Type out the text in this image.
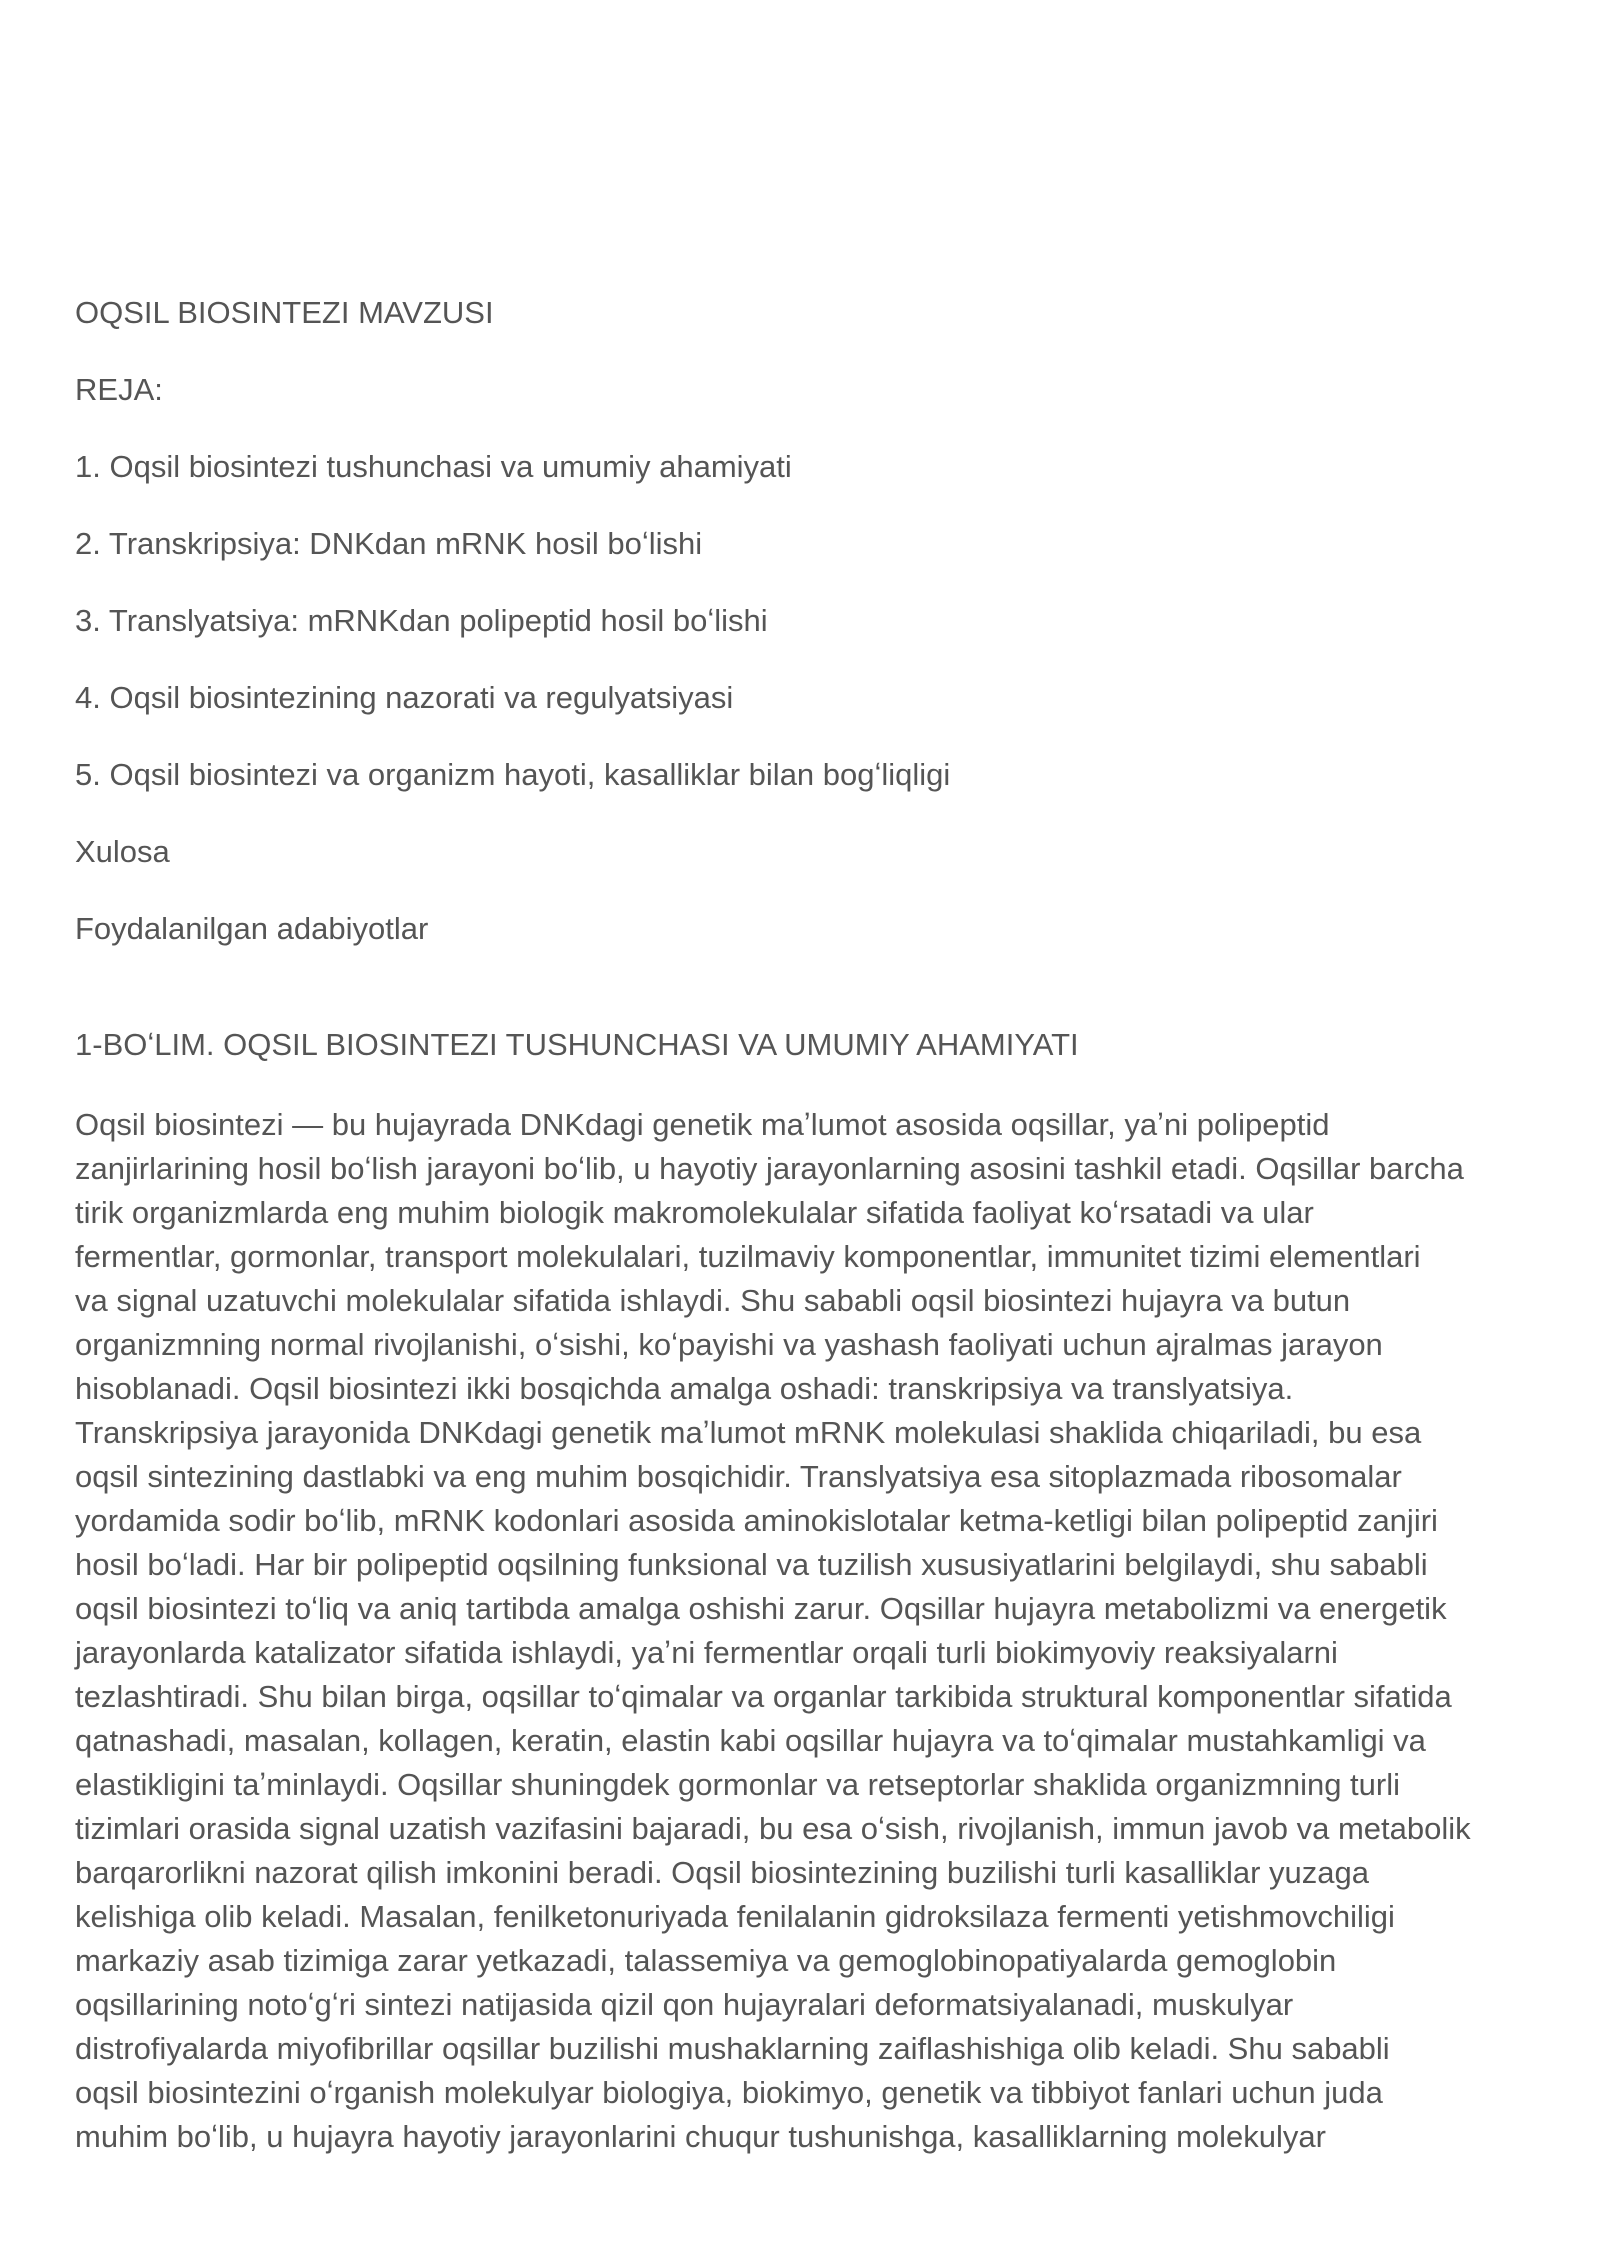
OQSIL BIOSINTEZI MAVZUSI
REJA:
1. Oqsil biosintezi tushunchasi va umumiy ahamiyati
2. Transkripsiya: DNKdan mRNK hosil boʻlishi
3. Translyatsiya: mRNKdan polipeptid hosil boʻlishi
4. Oqsil biosintezining nazorati va regulyatsiyasi
5. Oqsil biosintezi va organizm hayoti, kasalliklar bilan bogʻliqligi
Xulosa
Foydalanilgan adabiyotlar
1-BOʻLIM. OQSIL BIOSINTEZI TUSHUNCHASI VA UMUMIY AHAMIYATI

Oqsil biosintezi — bu hujayrada DNKdagi genetik maʼlumot asosida oqsillar, yaʼni polipeptid
zanjirlarining hosil boʻlish jarayoni boʻlib, u hayotiy jarayonlarning asosini tashkil etadi. Oqsillar barcha
tirik organizmlarda eng muhim biologik makromolekulalar sifatida faoliyat koʻrsatadi va ular
fermentlar, gormonlar, transport molekulalari, tuzilmaviy komponentlar, immunitet tizimi elementlari
va signal uzatuvchi molekulalar sifatida ishlaydi. Shu sababli oqsil biosintezi hujayra va butun
organizmning normal rivojlanishi, oʻsishi, koʻpayishi va yashash faoliyati uchun ajralmas jarayon
hisoblanadi. Oqsil biosintezi ikki bosqichda amalga oshadi: transkripsiya va translyatsiya.
Transkripsiya jarayonida DNKdagi genetik maʼlumot mRNK molekulasi shaklida chiqariladi, bu esa
oqsil sintezining dastlabki va eng muhim bosqichidir. Translyatsiya esa sitoplazmada ribosomalar
yordamida sodir boʻlib, mRNK kodonlari asosida aminokislotalar ketma-ketligi bilan polipeptid zanjiri
hosil boʻladi. Har bir polipeptid oqsilning funksional va tuzilish xususiyatlarini belgilaydi, shu sababli
oqsil biosintezi toʻliq va aniq tartibda amalga oshishi zarur. Oqsillar hujayra metabolizmi va energetik
jarayonlarda katalizator sifatida ishlaydi, yaʼni fermentlar orqali turli biokimyoviy reaksiyalarni
tezlashtiradi. Shu bilan birga, oqsillar toʻqimalar va organlar tarkibida struktural komponentlar sifatida
qatnashadi, masalan, kollagen, keratin, elastin kabi oqsillar hujayra va toʻqimalar mustahkamligi va
elastikligini taʼminlaydi. Oqsillar shuningdek gormonlar va retseptorlar shaklida organizmning turli
tizimlari orasida signal uzatish vazifasini bajaradi, bu esa oʻsish, rivojlanish, immun javob va metabolik
barqarorlikni nazorat qilish imkonini beradi. Oqsil biosintezining buzilishi turli kasalliklar yuzaga
kelishiga olib keladi. Masalan, fenilketonuriyada fenilalanin gidroksilaza fermenti yetishmovchiligi
markaziy asab tizimiga zarar yetkazadi, talassemiya va gemoglobinopatiyalarda gemoglobin
oqsillarining notoʻgʻri sintezi natijasida qizil qon hujayralari deformatsiyalanadi, muskulyar
distrofiyalarda miyofibrillar oqsillar buzilishi mushaklarning zaiflashishiga olib keladi. Shu sababli
oqsil biosintezini oʻrganish molekulyar biologiya, biokimyo, genetik va tibbiyot fanlari uchun juda
muhim boʻlib, u hujayra hayotiy jarayonlarini chuqur tushunishga, kasalliklarning molekulyar
